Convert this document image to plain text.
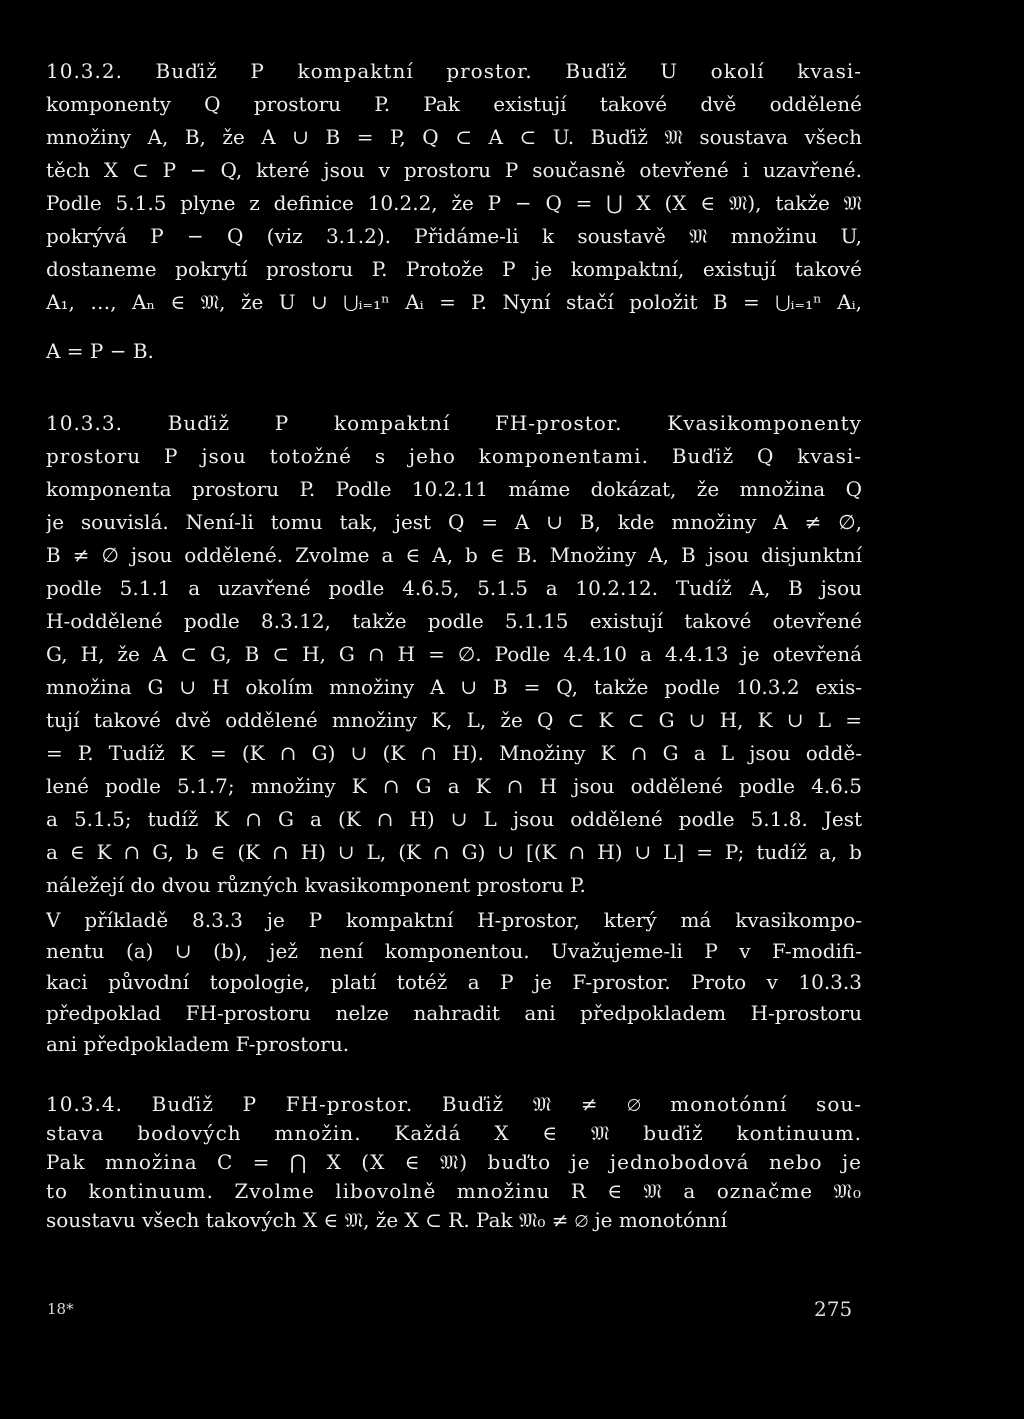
10.3.2. Buďiž P kompaktní prostor. Buďiž U okolí kvasi-
komponenty Q prostoru P. Pak existují takové dvě oddělené
množiny A, B, že A ∪ B = P, Q ⊂ A ⊂ U. Buďiž 𝔐 soustava všech
těch X ⊂ P − Q, které jsou v prostoru P současně otevřené i uzavřené.
Podle 5.1.5 plyne z definice 10.2.2, že P − Q = ⋃ X (X ∈ 𝔐), takže 𝔐
pokrývá P − Q (viz 3.1.2). Přidáme-li k soustavě 𝔐 množinu U,
dostaneme pokrytí prostoru P. Protože P je kompaktní, existují takové
A₁, …, Aₙ ∈ 𝔐, že U ∪ ⋃ᵢ₌₁ⁿ Aᵢ = P. Nyní stačí položit B = ⋃ᵢ₌₁ⁿ Aᵢ,
A = P − B.
10.3.3. Buďiž P kompaktní FH-prostor. Kvasikomponenty
prostoru P jsou totožné s jeho komponentami. Buďiž Q kvasi-
komponenta prostoru P. Podle 10.2.11 máme dokázat, že množina Q
je souvislá. Není-li tomu tak, jest Q = A ∪ B, kde množiny A ≠ ∅,
B ≠ ∅ jsou oddělené. Zvolme a ∈ A, b ∈ B. Množiny A, B jsou disjunktní
podle 5.1.1 a uzavřené podle 4.6.5, 5.1.5 a 10.2.12. Tudíž A, B jsou
H-oddělené podle 8.3.12, takže podle 5.1.15 existují takové otevřené
G, H, že A ⊂ G, B ⊂ H, G ∩ H = ∅. Podle 4.4.10 a 4.4.13 je otevřená
množina G ∪ H okolím množiny A ∪ B = Q, takže podle 10.3.2 exis-
tují takové dvě oddělené množiny K, L, že Q ⊂ K ⊂ G ∪ H, K ∪ L =
= P. Tudíž K = (K ∩ G) ∪ (K ∩ H). Množiny K ∩ G a L jsou oddě-
lené podle 5.1.7; množiny K ∩ G a K ∩ H jsou oddělené podle 4.6.5
a 5.1.5; tudíž K ∩ G a (K ∩ H) ∪ L jsou oddělené podle 5.1.8. Jest
a ∈ K ∩ G, b ∈ (K ∩ H) ∪ L, (K ∩ G) ∪ [(K ∩ H) ∪ L] = P; tudíž a, b
náležejí do dvou různých kvasikomponent prostoru P.
V příkladě 8.3.3 je P kompaktní H-prostor, který má kvasikompo-
nentu (a) ∪ (b), jež není komponentou. Uvažujeme-li P v F-modifi-
kaci původní topologie, platí totéž a P je F-prostor. Proto v 10.3.3
předpoklad FH-prostoru nelze nahradit ani předpokladem H-prostoru
ani předpokladem F-prostoru.
10.3.4. Buďiž P FH-prostor. Buďiž 𝔐 ≠ ∅ monotónní sou-
stava bodových množin. Každá X ∈ 𝔐 buďiž kontinuum.
Pak množina C = ⋂ X (X ∈ 𝔐) buďto je jednobodová nebo je
to kontinuum. Zvolme libovolně množinu R ∈ 𝔐 a označme 𝔐₀
soustavu všech takových X ∈ 𝔐, že X ⊂ R. Pak 𝔐₀ ≠ ∅ je monotónní
18*	275
